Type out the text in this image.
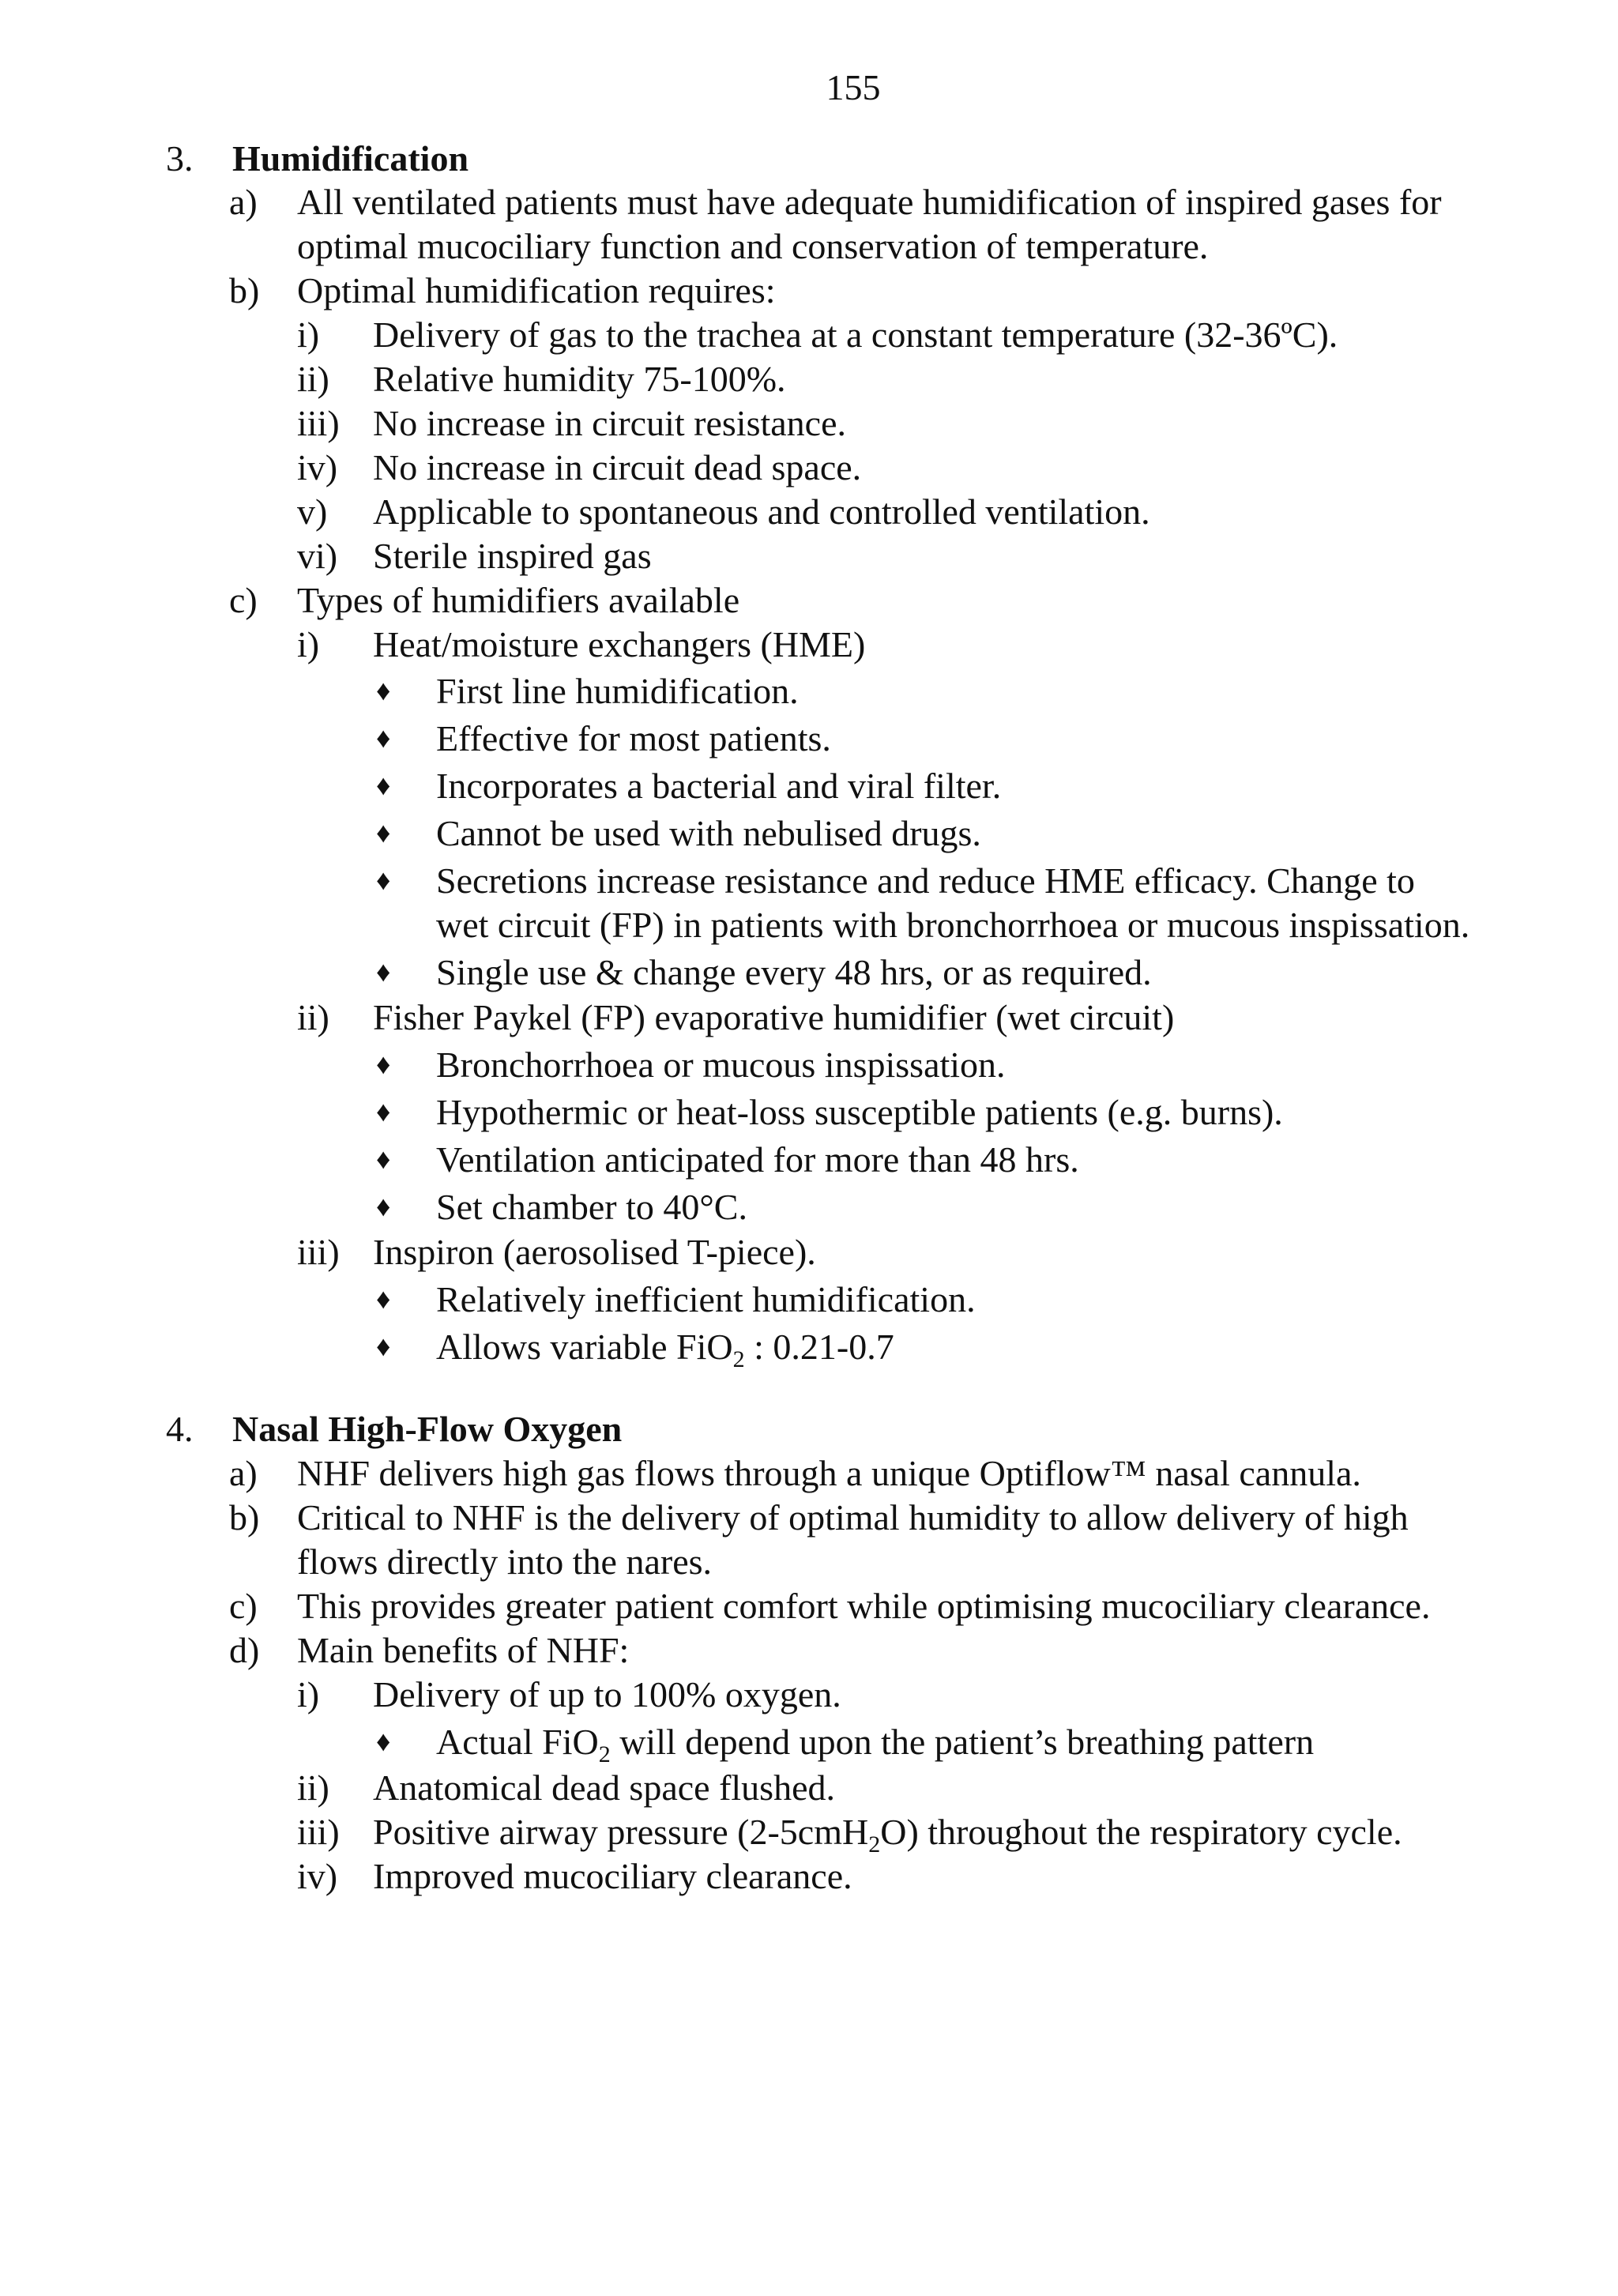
155
3. Humidification
a) All ventilated patients must have adequate humidification of inspired gases for
optimal mucociliary function and conservation of temperature.
b) Optimal humidification requires:
i) Delivery of gas to the trachea at a constant temperature (32-36ºC).
ii) Relative humidity 75-100%.
iii) No increase in circuit resistance.
iv) No increase in circuit dead space.
v) Applicable to spontaneous and controlled ventilation.
vi) Sterile inspired gas
c) Types of humidifiers available
i) Heat/moisture exchangers (HME)
♦ First line humidification.
♦ Effective for most patients.
♦ Incorporates a bacterial and viral filter.
♦ Cannot be used with nebulised drugs.
♦ Secretions increase resistance and reduce HME efficacy. Change to
wet circuit (FP) in patients with bronchorrhoea or mucous inspissation.
♦ Single use & change every 48 hrs, or as required.
ii) Fisher Paykel (FP) evaporative humidifier (wet circuit)
♦ Bronchorrhoea or mucous inspissation.
♦ Hypothermic or heat-loss susceptible patients (e.g. burns).
♦ Ventilation anticipated for more than 48 hrs.
♦ Set chamber to 40°C.
iii) Inspiron (aerosolised T-piece).
♦ Relatively inefficient humidification.
♦ Allows variable FiO$_2$ : 0.21-0.7
4. Nasal High-Flow Oxygen
a) NHF delivers high gas flows through a unique Optiflow™ nasal cannula.
b) Critical to NHF is the delivery of optimal humidity to allow delivery of high
flows directly into the nares.
c) This provides greater patient comfort while optimising mucociliary clearance.
d) Main benefits of NHF:
i) Delivery of up to 100% oxygen.
♦ Actual FiO$_2$ will depend upon the patient’s breathing pattern
ii) Anatomical dead space flushed.
iii) Positive airway pressure (2-5cmH$_2$O) throughout the respiratory cycle.
iv) Improved mucociliary clearance.
